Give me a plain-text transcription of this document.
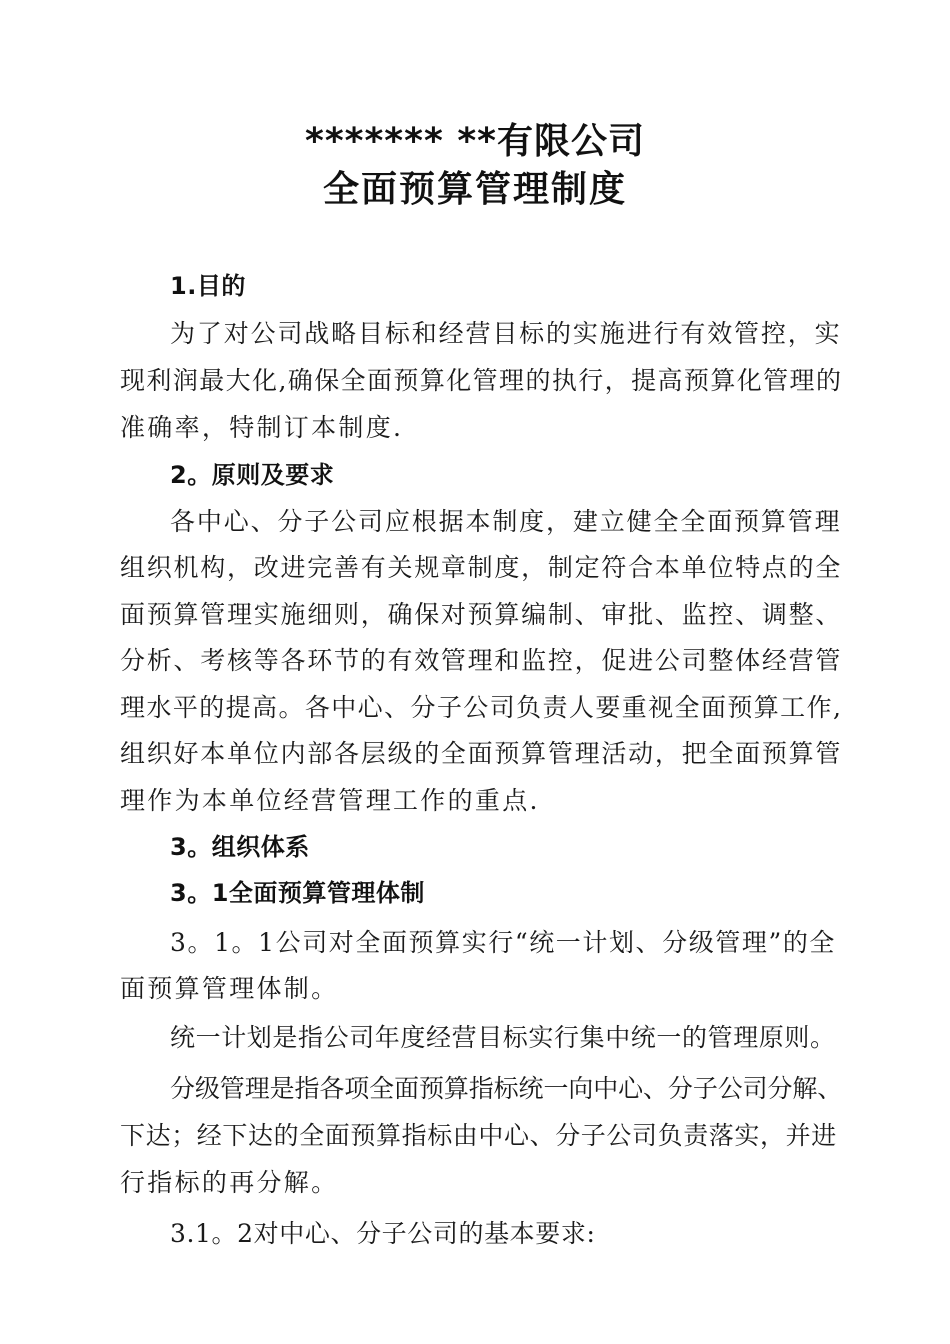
******* **有限公司
全面预算管理制度
1.目的
为了对公司战略目标和经营目标的实施进行有效管控，实
现利润最大化,确保全面预算化管理的执行，提高预算化管理的
准确率，特制订本制度.
2。原则及要求
各中心、分子公司应根据本制度，建立健全全面预算管理
组织机构，改进完善有关规章制度，制定符合本单位特点的全
面预算管理实施细则，确保对预算编制、审批、监控、调整、
分析、考核等各环节的有效管理和监控，促进公司整体经营管
理水平的提高。各中心、分子公司负责人要重视全面预算工作,
组织好本单位内部各层级的全面预算管理活动，把全面预算管
理作为本单位经营管理工作的重点.
3。组织体系
3。1全面预算管理体制
3。1。1公司对全面预算实行“统一计划、分级管理”的全
面预算管理体制。
统一计划是指公司年度经营目标实行集中统一的管理原则。
分级管理是指各项全面预算指标统一向中心、分子公司分解、
下达；经下达的全面预算指标由中心、分子公司负责落实，并进
行指标的再分解。
3.1。2对中心、分子公司的基本要求:
